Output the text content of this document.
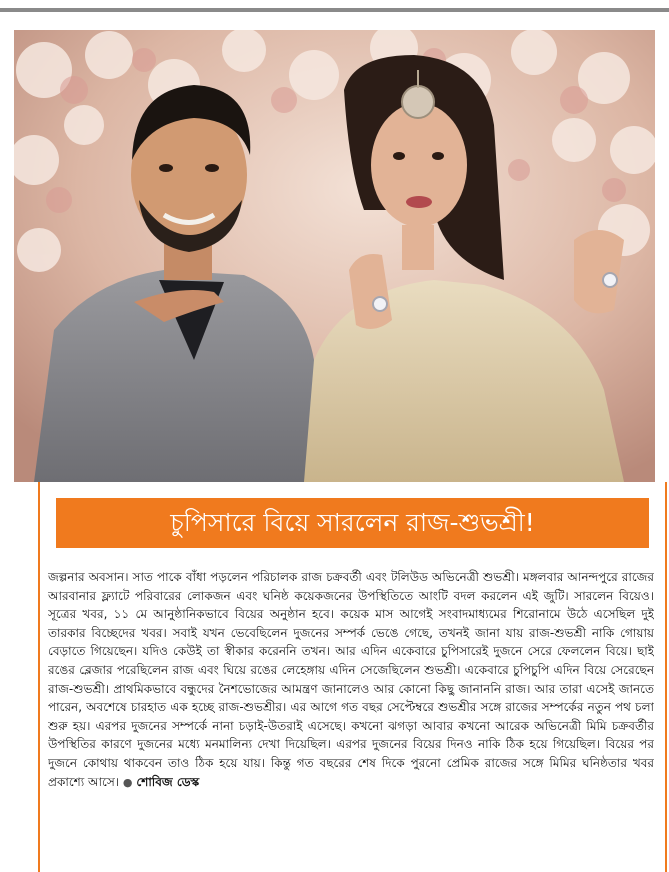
চুপিসারে বিয়ে সারলেন রাজ-শুভশ্রী!
জল্পনার অবসান। সাত পাকে বাঁধা পড়লেন পরিচালক রাজ চক্রবর্তী এবং টলিউড অভিনেত্রী শুভশ্রী। মঙ্গলবার আনন্দপুরে রাজের আরবানার ফ্ল্যাটে পরিবারের লোকজন এবং ঘনিষ্ঠ কয়েকজনের উপস্থিতিতে আংটি বদল করলেন এই জুটি। সারলেন বিয়েও। সূত্রের খবর, ১১ মে আনুষ্ঠানিকভাবে বিয়ের অনুষ্ঠান হবে। কয়েক মাস আগেই সংবাদমাধ্যমের শিরোনামে উঠে এসেছিল দুই তারকার বিচ্ছেদের খবর। সবাই যখন ভেবেছিলেন দুজনের সম্পর্ক ভেঙে গেছে, তখনই জানা যায় রাজ-শুভশ্রী নাকি গোয়ায় বেড়াতে গিয়েছেন। যদিও কেউই তা স্বীকার করেননি তখন। আর এদিন একেবারে চুপিসারেই দুজনে সেরে ফেললেন বিয়ে। ছাই রঙের ব্লেজার পরেছিলেন রাজ এবং ঘিয়ে রঙের লেহেঙ্গায় এদিন সেজেছিলেন শুভশ্রী। একেবারে চুপিচুপি এদিন বিয়ে সেরেছেন রাজ-শুভশ্রী। প্রাথমিকভাবে বন্ধুদের নৈশভোজের আমন্ত্রণ জানালেও আর কোনো কিছু জানাননি রাজ। আর তারা এসেই জানতে পারেন, অবশেষে চারহাত এক হচ্ছে রাজ-শুভশ্রীর। এর আগে গত বছর সেপ্টেম্বরে শুভশ্রীর সঙ্গে রাজের সম্পর্কের নতুন পথ চলা শুরু হয়। এরপর দুজনের সম্পর্কে নানা চড়াই-উতরাই এসেছে। কখনো ঝগড়া আবার কখনো আরেক অভিনেত্রী মিমি চক্রবর্তীর উপস্থিতির কারণে দুজনের মধ্যে মনমালিন্য দেখা দিয়েছিল। এরপর দুজনের বিয়ের দিনও নাকি ঠিক হয়ে গিয়েছিল। বিয়ের পর দুজনে কোথায় থাকবেন তাও ঠিক হয়ে যায়। কিন্তু গত বছরের শেষ দিকে পুরনো প্রেমিক রাজের সঙ্গে মিমির ঘনিষ্ঠতার খবর প্রকাশ্যে আসে। ● শোবিজ ডেস্ক
